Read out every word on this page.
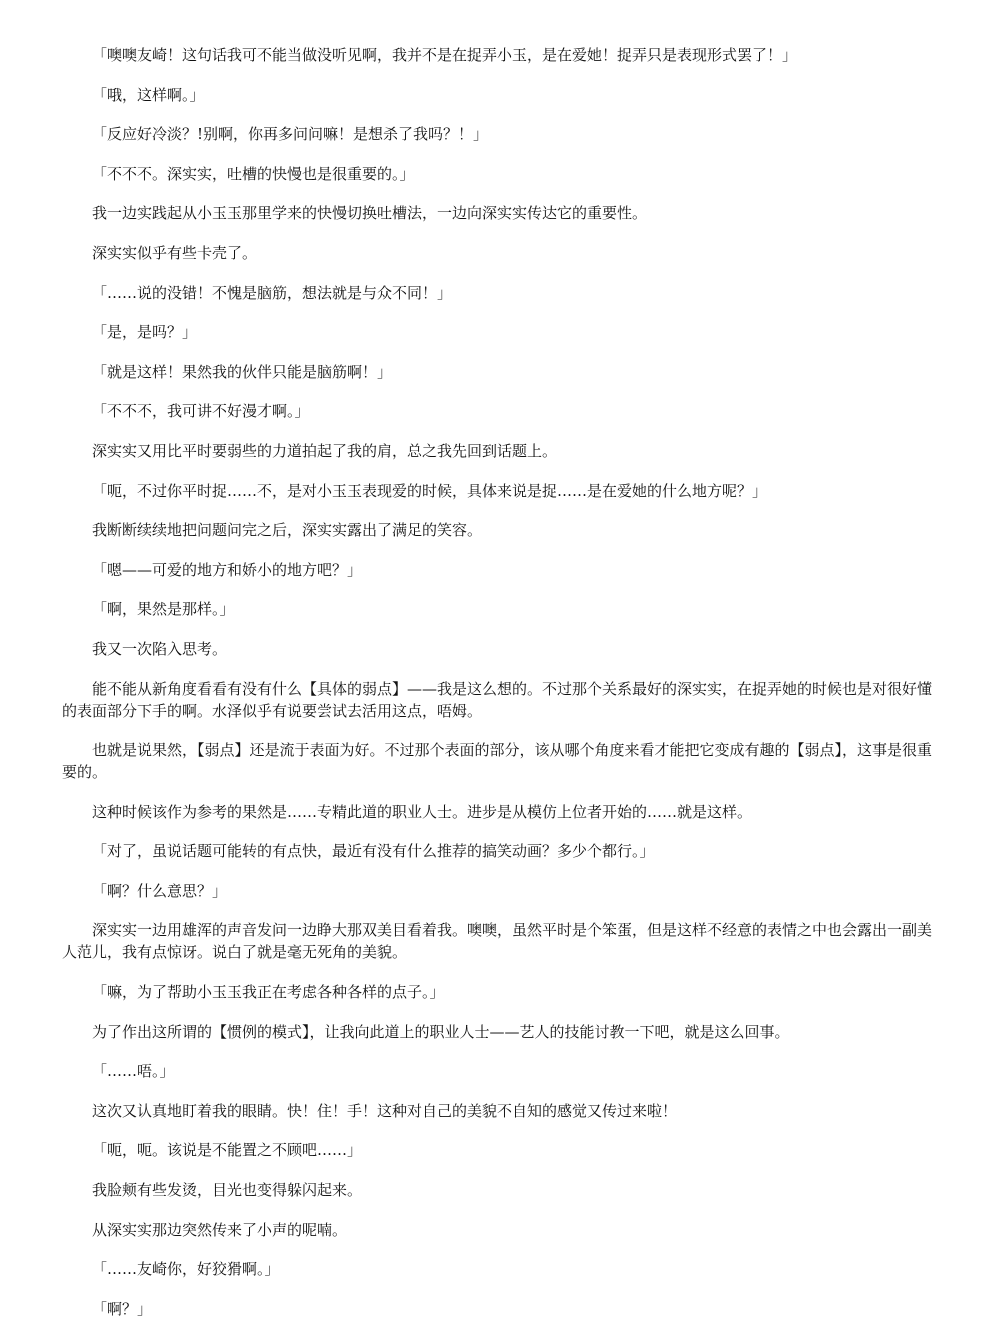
「噢噢友崎！这句话我可不能当做没听见啊，我并不是在捉弄小玉，是在爱她！捉弄只是表现形式罢了！」

「哦，这样啊。」

「反应好冷淡？!别啊，你再多问问嘛！是想杀了我吗？！」

「不不不。深实实，吐槽的快慢也是很重要的。」

我一边实践起从小玉玉那里学来的快慢切换吐槽法，一边向深实实传达它的重要性。

深实实似乎有些卡壳了。

「……说的没错！不愧是脑筋，想法就是与众不同！」

「是，是吗？」

「就是这样！果然我的伙伴只能是脑筋啊！」

「不不不，我可讲不好漫才啊。」

深实实又用比平时要弱些的力道拍起了我的肩，总之我先回到话题上。

「呃，不过你平时捉……不，是对小玉玉表现爱的时候，具体来说是捉……是在爱她的什么地方呢？」

我断断续续地把问题问完之后，深实实露出了满足的笑容。

「嗯——可爱的地方和娇小的地方吧？」

「啊，果然是那样。」

我又一次陷入思考。

能不能从新角度看看有没有什么【具体的弱点】——我是这么想的。不过那个关系最好的深实实，在捉弄她的时候也是对很好懂的表面部分下手的啊。水泽似乎有说要尝试去活用这点，唔姆。

也就是说果然，【弱点】还是流于表面为好。不过那个表面的部分，该从哪个角度来看才能把它变成有趣的【弱点】，这事是很重要的。

这种时候该作为参考的果然是……专精此道的职业人士。进步是从模仿上位者开始的……就是这样。

「对了，虽说话题可能转的有点快，最近有没有什么推荐的搞笑动画？多少个都行。」

「啊？什么意思？」

深实实一边用雄浑的声音发问一边睁大那双美目看着我。噢噢，虽然平时是个笨蛋，但是这样不经意的表情之中也会露出一副美人范儿，我有点惊讶。说白了就是毫无死角的美貌。

「嘛，为了帮助小玉玉我正在考虑各种各样的点子。」

为了作出这所谓的【惯例的模式】，让我向此道上的职业人士——艺人的技能讨教一下吧，就是这么回事。

「……唔。」

这次又认真地盯着我的眼睛。快！住！手！这种对自己的美貌不自知的感觉又传过来啦！

「呃，呃。该说是不能置之不顾吧……」

我脸颊有些发烫，目光也变得躲闪起来。

从深实实那边突然传来了小声的呢喃。

「……友崎你，好狡猾啊。」

「啊？」
